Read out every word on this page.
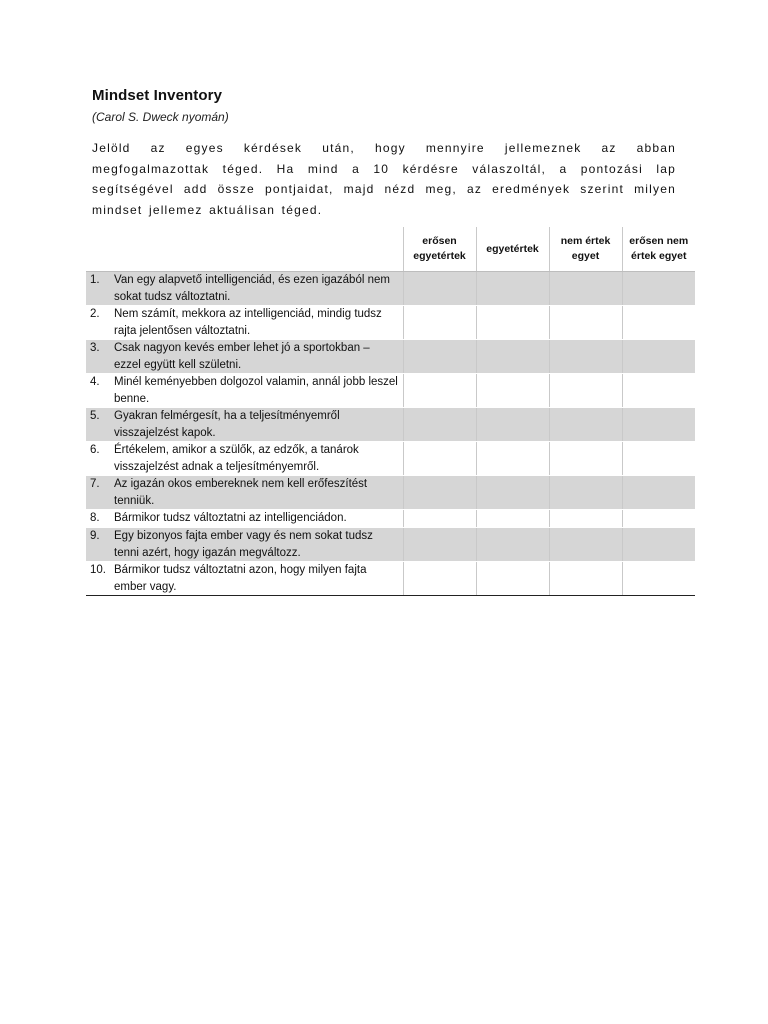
Mindset Inventory
(Carol S. Dweck nyomán)

Jelöld az egyes kérdések után, hogy mennyire jellemeznek az abban megfogalmazottak téged. Ha mind a 10 kérdésre válaszoltál, a pontozási lap segítségével add össze pontjaidat, majd nézd meg, az eredmények szerint milyen mindset jellemez aktuálisan téged.

	erősen egyetértek	egyetértek	nem értek egyet	erősen nem értek egyet

1. Van egy alapvető intelligenciád, és ezen igazából nem sokat tudsz változtatni.				

2. Nem számít, mekkora az intelligenciád, mindig tudsz rajta jelentősen változtatni.				

3. Csak nagyon kevés ember lehet jó a sportokban – ezzel együtt kell születni.				

4. Minél keményebben dolgozol valamin, annál jobb leszel benne.				

5. Gyakran felmérgesít, ha a teljesítményemről visszajelzést kapok.				

6. Értékelem, amikor a szülők, az edzők, a tanárok visszajelzést adnak a teljesítményemről.				

7. Az igazán okos embereknek nem kell erőfeszítést tenniük.				

8. Bármikor tudsz változtatni az intelligenciádon.				

9. Egy bizonyos fajta ember vagy és nem sokat tudsz tenni azért, hogy igazán megváltozz.				

10. Bármikor tudsz változtatni azon, hogy milyen fajta ember vagy.				
